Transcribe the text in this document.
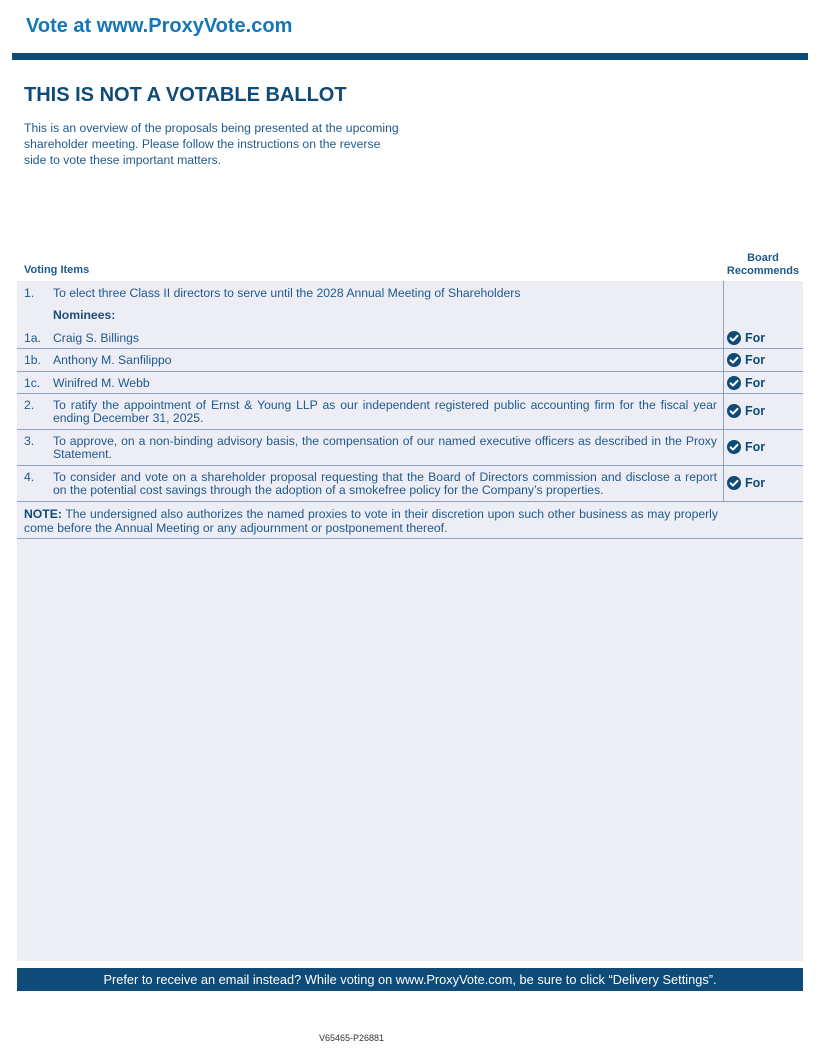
Vote at www.ProxyVote.com
THIS IS NOT A VOTABLE BALLOT

This is an overview of the proposals being presented at the upcoming shareholder meeting. Please follow the instructions on the reverse side to vote these important matters.

Voting Items
Board Recommends
1. To elect three Class II directors to serve until the 2028 Annual Meeting of Shareholders
Nominees:
1a. Craig S. Billings	For
1b. Anthony M. Sanfilippo	For
1c. Winifred M. Webb	For
2. To ratify the appointment of Ernst & Young LLP as our independent registered public accounting firm for the fiscal year ending December 31, 2025.	For
3. To approve, on a non-binding advisory basis, the compensation of our named executive officers as described in the Proxy Statement.	For
4. To consider and vote on a shareholder proposal requesting that the Board of Directors commission and disclose a report on the potential cost savings through the adoption of a smokefree policy for the Company’s properties.	For

NOTE: The undersigned also authorizes the named proxies to vote in their discretion upon such other business as may properly come before the Annual Meeting or any adjournment or postponement thereof.

Prefer to receive an email instead? While voting on www.ProxyVote.com, be sure to click “Delivery Settings”.
V65465-P26881
